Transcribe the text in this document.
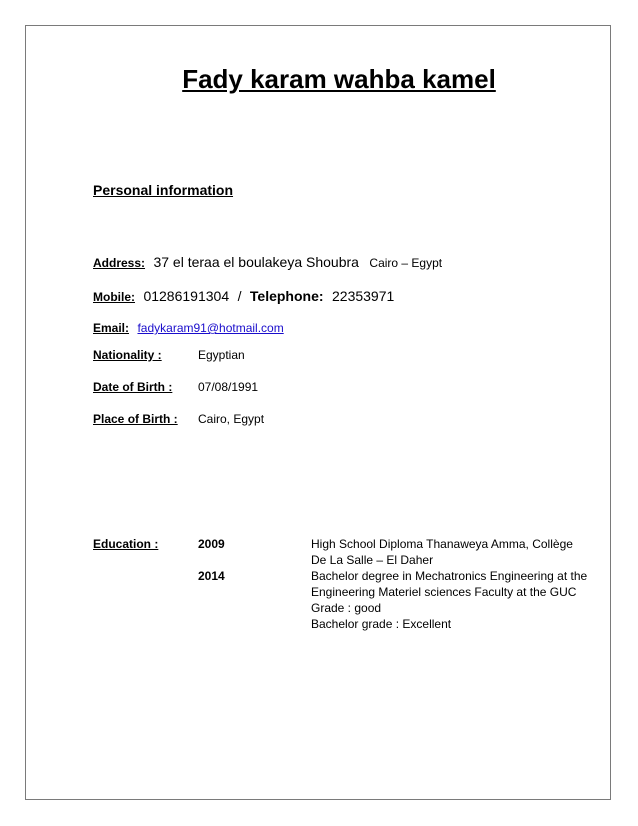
Fady karam wahba kamel
Personal information
Address: 37 el teraa el boulakeya Shoubra Cairo – Egypt
Mobile: 01286191304 / Telephone: 22353971
Email: fadykaram91@hotmail.com
Nationality :	Egyptian
Date of Birth : 07/08/1991
Place of Birth : Cairo, Egypt
Education :	2009	High School Diploma Thanaweya Amma, Collège
De La Salle – El Daher
2014	Bachelor degree in Mechatronics Engineering at the
Engineering Materiel sciences Faculty at the GUC
Grade : good
Bachelor grade : Excellent
